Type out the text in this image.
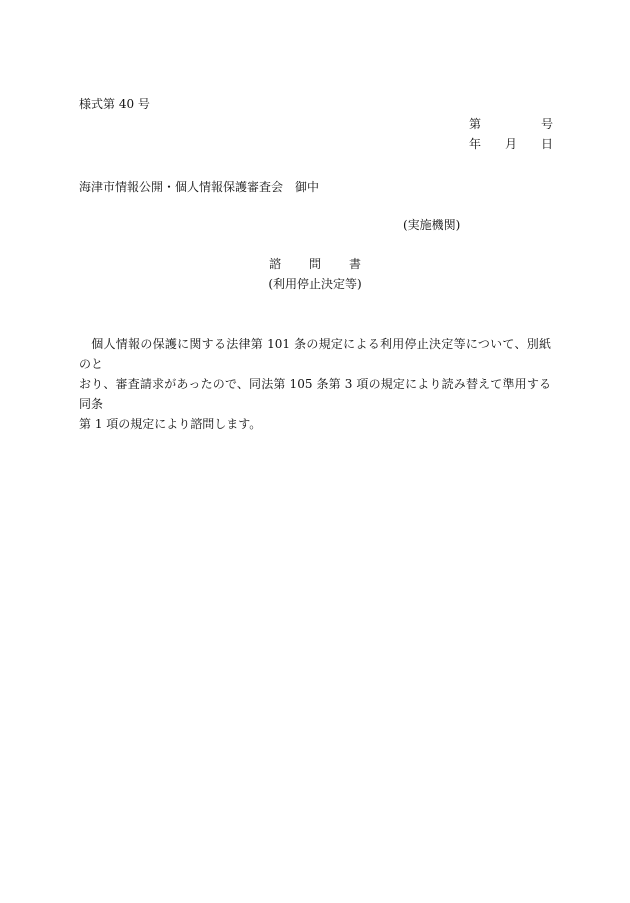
様式第 40 号
第	号
年 月 日
海津市情報公開・個人情報保護審査会　御中
(実施機関)
諮 問 書
(利用停止決定等)

　個人情報の保護に関する法律第 101 条の規定による利用停止決定等について、別紙のと

おり、審査請求があったので、同法第 105 条第 3 項の規定により読み替えて準用する同条

第 1 項の規定により諮問します。
